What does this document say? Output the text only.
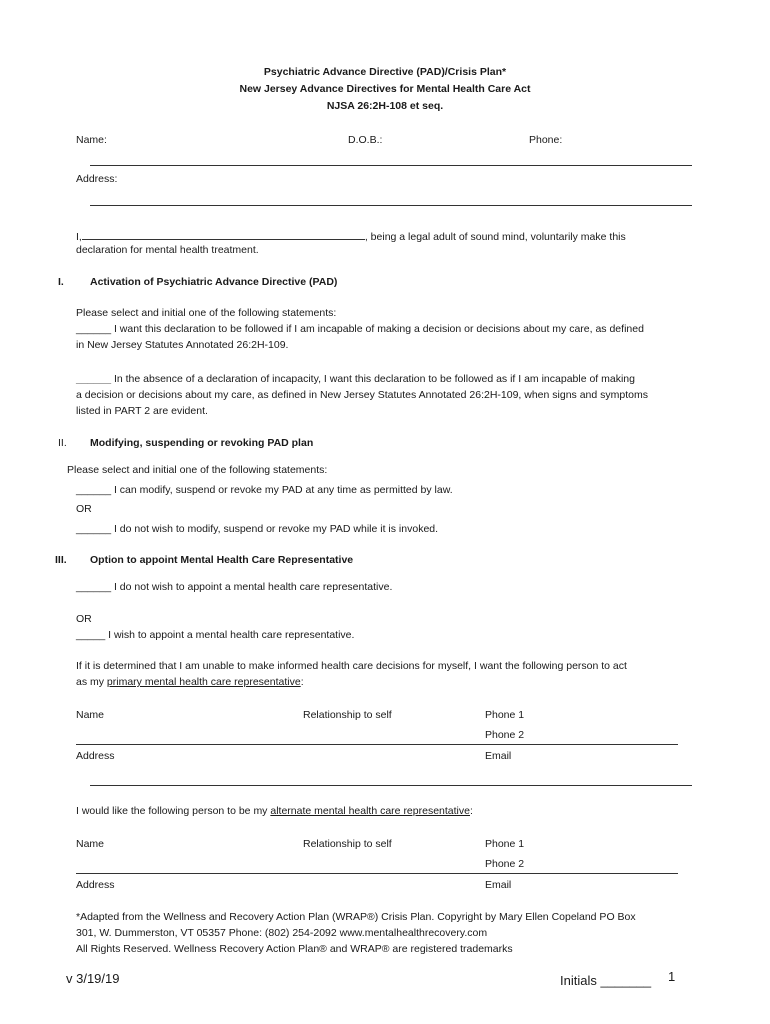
Psychiatric Advance Directive (PAD)/Crisis Plan*
New Jersey Advance Directives for Mental Health Care Act
NJSA 26:2H-108 et seq.
Name:	D.O.B.:	Phone:
Address:
I,	, being a legal adult of sound mind, voluntarily make this
declaration for mental health treatment.
I. Activation of Psychiatric Advance Directive (PAD)
Please select and initial one of the following statements:
______ I want this declaration to be followed if I am incapable of making a decision or decisions about my care, as defined
in New Jersey Statutes Annotated 26:2H-109.
______ In the absence of a declaration of incapacity, I want this declaration to be followed as if I am incapable of making
a decision or decisions about my care, as defined in New Jersey Statutes Annotated 26:2H-109, when signs and symptoms
listed in PART 2 are evident.
II. Modifying, suspending or revoking PAD plan
Please select and initial one of the following statements:
______ I can modify, suspend or revoke my PAD at any time as permitted by law.
OR
______ I do not wish to modify, suspend or revoke my PAD while it is invoked.
III. Option to appoint Mental Health Care Representative
______ I do not wish to appoint a mental health care representative.
OR
_____ I wish to appoint a mental health care representative.
If it is determined that I am unable to make informed health care decisions for myself, I want the following person to act
as my primary mental health care representative:
Name	Relationship to self	Phone 1
Phone 2
Address	Email
I would like the following person to be my alternate mental health care representative:
Name	Relationship to self	Phone 1
Phone 2
Address	Email
*Adapted from the Wellness and Recovery Action Plan (WRAP®) Crisis Plan. Copyright by Mary Ellen Copeland PO Box
301, W. Dummerston, VT 05357 Phone: (802) 254-2092 www.mentalhealthrecovery.com
All Rights Reserved. Wellness Recovery Action Plan® and WRAP® are registered trademarks
v 3/19/19	Initials _______ 1
